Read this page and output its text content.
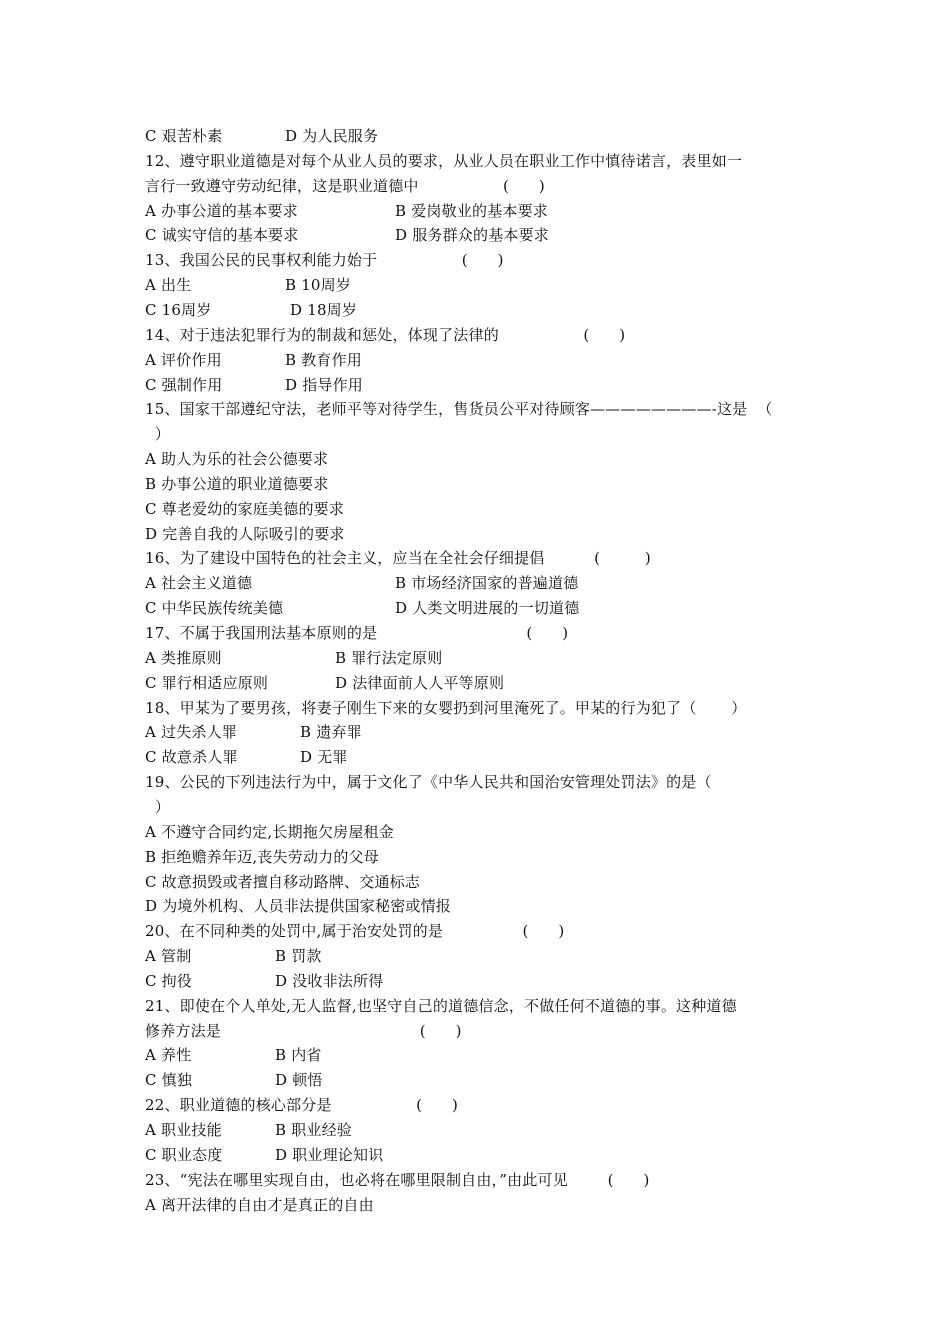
C 艰苦朴素	D 为人民服务
12、遵守职业道德是对每个从业人员的要求，从业人员在职业工作中慎待诺言，表里如一
言行一致遵守劳动纪律，这是职业道德中                 (      )
A 办事公道的基本要求	B 爱岗敬业的基本要求
C 诚实守信的基本要求	D 服务群众的基本要求
13、我国公民的民事权利能力始于                 (      )
A 出生	B 10周岁
C 16周岁	D 18周岁
14、对于违法犯罪行为的制裁和惩处，体现了法律的                 (      )
A 评价作用	B 教育作用
C 强制作用	D 指导作用
15、国家干部遵纪守法，老师平等对待学生，售货员公平对待顾客————————-这是  （
）
A 助人为乐的社会公德要求
B 办事公道的职业道德要求
C 尊老爱幼的家庭美德的要求
D 完善自我的人际吸引的要求
16、为了建设中国特色的社会主义，应当在全社会仔细提倡          (         )
A 社会主义道德	B 市场经济国家的普遍道德
C 中华民族传统美德	D 人类文明进展的一切道德
17、不属于我国刑法基本原则的是                              (      )
A 类推原则	B 罪行法定原则
C 罪行相适应原则	D 法律面前人人平等原则
18、甲某为了要男孩，将妻子刚生下来的女婴扔到河里淹死了。甲某的行为犯了（       ）
A 过失杀人罪	B 遗弃罪
C 故意杀人罪	D 无罪
19、公民的下列违法行为中，属于文化了《中华人民共和国治安管理处罚法》的是（
）
A 不遵守合同约定,长期拖欠房屋租金
B 拒绝赡养年迈,丧失劳动力的父母
C 故意损毁或者擅自移动路牌、交通标志
D 为境外机构、人员非法提供国家秘密或情报
20、在不同种类的处罚中,属于治安处罚的是                (      )
A 管制	B 罚款
C 拘役	D 没收非法所得
21、即使在个人单处,无人监督,也坚守自己的道德信念，不做任何不道德的事。这种道德
修养方法是                                        (      )
A 养性	B 内省
C 慎独	D 顿悟
22、职业道德的核心部分是                 (      )
A 职业技能	B 职业经验
C 职业态度	D 职业理论知识
23、“宪法在哪里实现自由，也必将在哪里限制自由，”由此可见        (      )
A 离开法律的自由才是真正的自由
